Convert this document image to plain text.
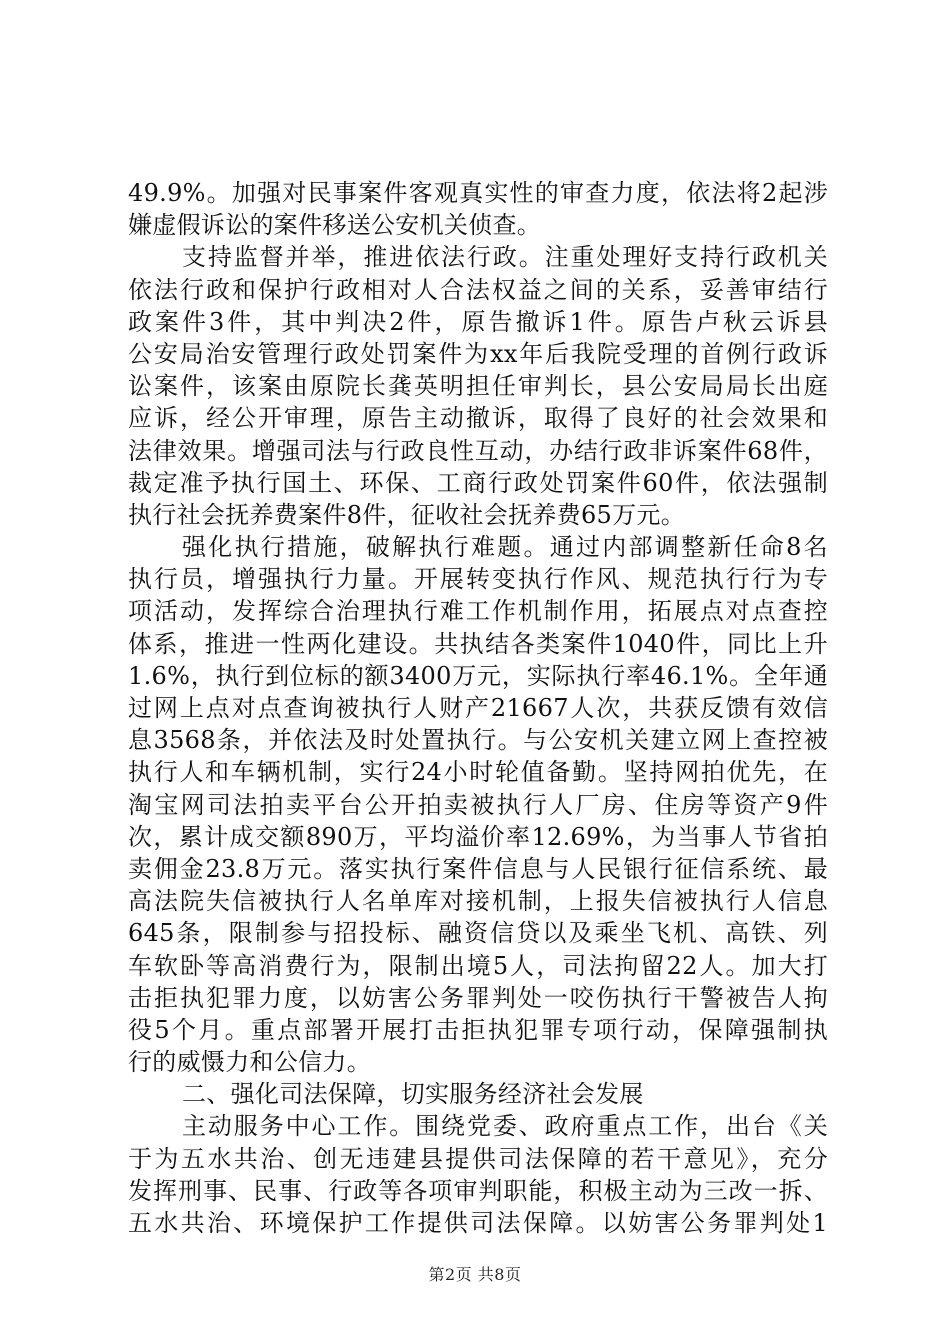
49.9%。加强对民事案件客观真实性的审查力度，依法将2起涉
嫌虚假诉讼的案件移送公安机关侦查。
支持监督并举，推进依法行政。注重处理好支持行政机关
依法行政和保护行政相对人合法权益之间的关系，妥善审结行
政案件3件，其中判决2件，原告撤诉1件。原告卢秋云诉县
公安局治安管理行政处罚案件为xx年后我院受理的首例行政诉
讼案件，该案由原院长龚英明担任审判长，县公安局局长出庭
应诉，经公开审理，原告主动撤诉，取得了良好的社会效果和
法律效果。增强司法与行政良性互动，办结行政非诉案件68件，
裁定准予执行国土、环保、工商行政处罚案件60件，依法强制
执行社会抚养费案件8件，征收社会抚养费65万元。
强化执行措施，破解执行难题。通过内部调整新任命8名
执行员，增强执行力量。开展转变执行作风、规范执行行为专
项活动，发挥综合治理执行难工作机制作用，拓展点对点查控
体系，推进一性两化建设。共执结各类案件1040件，同比上升
1.6%，执行到位标的额3400万元，实际执行率46.1%。全年通
过网上点对点查询被执行人财产21667人次，共获反馈有效信
息3568条，并依法及时处置执行。与公安机关建立网上查控被
执行人和车辆机制，实行24小时轮值备勤。坚持网拍优先，在
淘宝网司法拍卖平台公开拍卖被执行人厂房、住房等资产9件
次，累计成交额890万，平均溢价率12.69%，为当事人节省拍
卖佣金23.8万元。落实执行案件信息与人民银行征信系统、最
高法院失信被执行人名单库对接机制，上报失信被执行人信息
645条，限制参与招投标、融资信贷以及乘坐飞机、高铁、列
车软卧等高消费行为，限制出境5人，司法拘留22人。加大打
击拒执犯罪力度，以妨害公务罪判处一咬伤执行干警被告人拘
役5个月。重点部署开展打击拒执犯罪专项行动，保障强制执
行的威慑力和公信力。
二、强化司法保障，切实服务经济社会发展
主动服务中心工作。围绕党委、政府重点工作，出台《关
于为五水共治、创无违建县提供司法保障的若干意见》，充分
发挥刑事、民事、行政等各项审判职能，积极主动为三改一拆、
五水共治、环境保护工作提供司法保障。以妨害公务罪判处1
第2页 共8页
